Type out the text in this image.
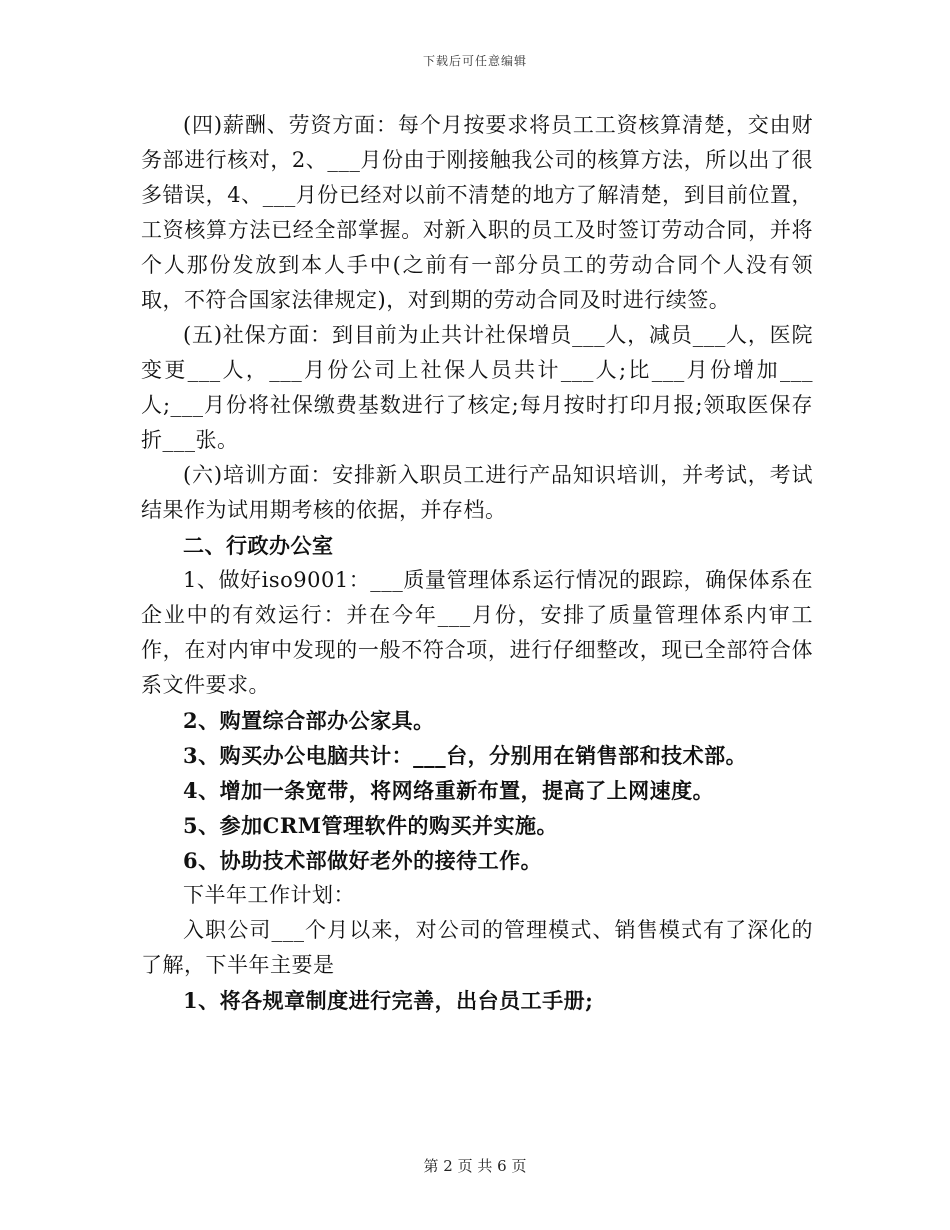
下载后可任意编辑

(四)薪酬、劳资方面：每个月按要求将员工工资核算清楚，交由财务部进行核对，2、___月份由于刚接触我公司的核算方法，所以出了很多错误，4、___月份已经对以前不清楚的地方了解清楚，到目前位置，工资核算方法已经全部掌握。对新入职的员工及时签订劳动合同，并将个人那份发放到本人手中(之前有一部分员工的劳动合同个人没有领取，不符合国家法律规定)，对到期的劳动合同及时进行续签。

(五)社保方面：到目前为止共计社保增员___人，减员___人，医院变更___人，___月份公司上社保人员共计___人;比___月份增加___人;___月份将社保缴费基数进行了核定;每月按时打印月报;领取医保存折___张。

(六)培训方面：安排新入职员工进行产品知识培训，并考试，考试结果作为试用期考核的依据，并存档。

二、行政办公室

1、做好iso9001：___质量管理体系运行情况的跟踪，确保体系在企业中的有效运行：并在今年___月份，安排了质量管理体系内审工作，在对内审中发现的一般不符合项，进行仔细整改，现已全部符合体系文件要求。

2、购置综合部办公家具。

3、购买办公电脑共计：___台，分别用在销售部和技术部。

4、增加一条宽带，将网络重新布置，提高了上网速度。

5、参加CRM管理软件的购买并实施。

6、协助技术部做好老外的接待工作。

下半年工作计划：

入职公司___个月以来，对公司的管理模式、销售模式有了深化的了解，下半年主要是

1、将各规章制度进行完善，出台员工手册;

第 2 页 共 6 页
